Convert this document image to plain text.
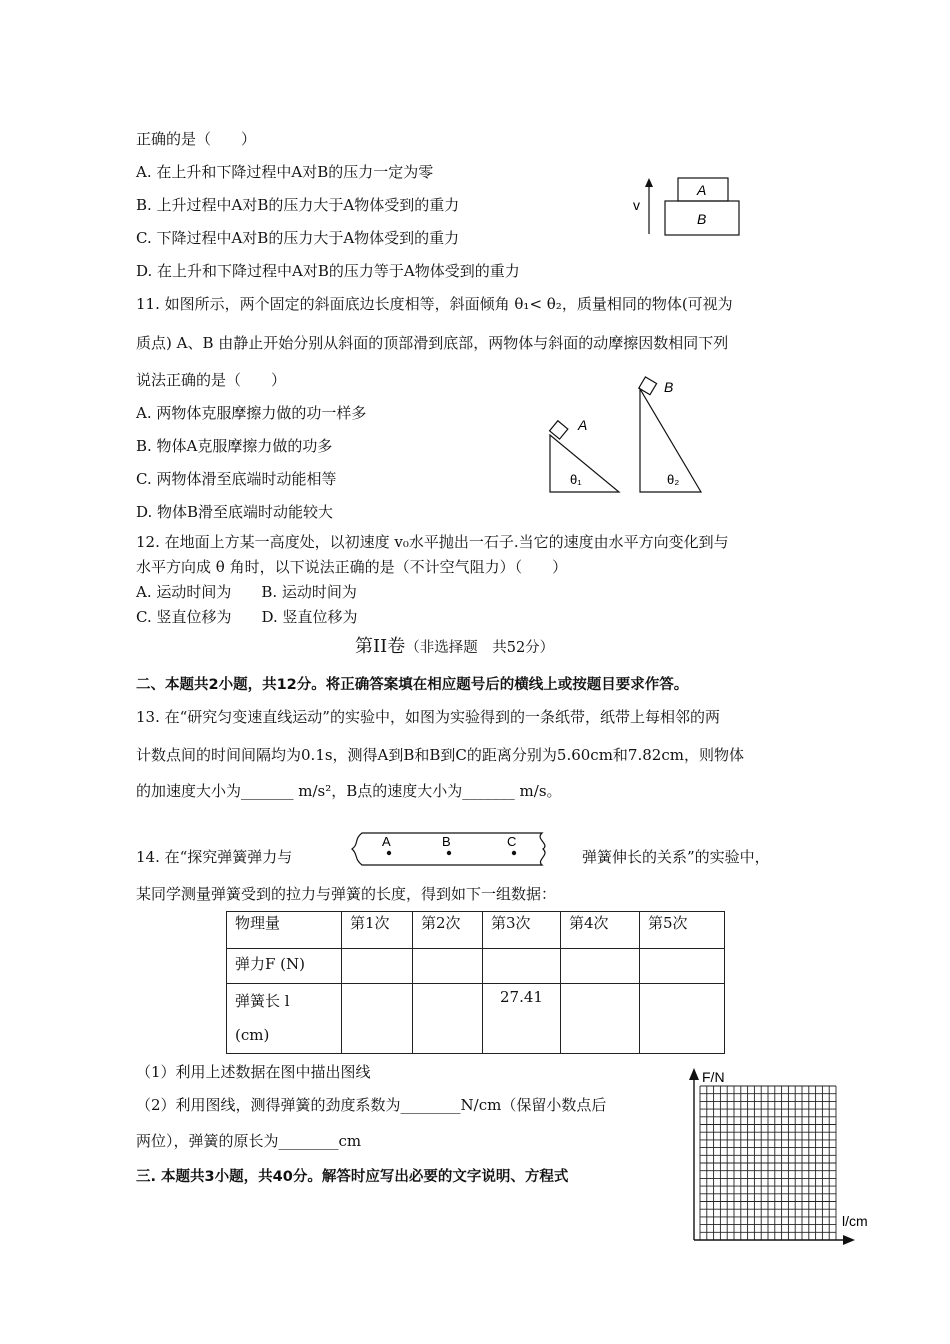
正确的是（　　）
A. 在上升和下降过程中A对B的压力一定为零
B. 上升过程中A对B的压力大于A物体受到的重力
C. 下降过程中A对B的压力大于A物体受到的重力
D. 在上升和下降过程中A对B的压力等于A物体受到的重力
v
A
B
11. 如图所示，两个固定的斜面底边长度相等，斜面倾角 θ₁< θ₂，质量相同的物体(可视为
质点) A、B 由静止开始分别从斜面的顶部滑到底部，两物体与斜面的动摩擦因数相同下列
说法正确的是（　　）
A. 两物体克服摩擦力做的功一样多
B. 物体A克服摩擦力做的功多
C. 两物体滑至底端时动能相等
D. 物体B滑至底端时动能较大
A
θ₁
B
θ₂
12. 在地面上方某一高度处，以初速度 v₀水平抛出一石子.当它的速度由水平方向变化到与
水平方向成 θ 角时，以下说法正确的是（不计空气阻力）（　　）
A. 运动时间为　　B. 运动时间为
C. 竖直位移为　　D. 竖直位移为
第II卷（非选择题　共52分）
二、本题共2小题，共12分。将正确答案填在相应题号后的横线上或按题目要求作答。
13. 在“研究匀变速直线运动”的实验中，如图为实验得到的一条纸带，纸带上每相邻的两
计数点间的时间间隔均为0.1s，测得A到B和B到C的距离分别为5.60cm和7.82cm，则物体
的加速度大小为_______ m/s²，B点的速度大小为_______ m/s。
14. 在“探究弹簧弹力与
A	B	C
弹簧伸长的关系”的实验中，
某同学测量弹簧受到的拉力与弹簧的长度，得到如下一组数据：
物理量	第1次	第2次	第3次	第4次	第5次
弹力F (N)					

弹簧长 l
(cm)			27.41		
（1）利用上述数据在图中描出图线
（2）利用图线，测得弹簧的劲度系数为________N/cm（保留小数点后
两位），弹簧的原长为________cm
F/N
l/cm
三. 本题共3小题，共40分。解答时应写出必要的文字说明、方程式
